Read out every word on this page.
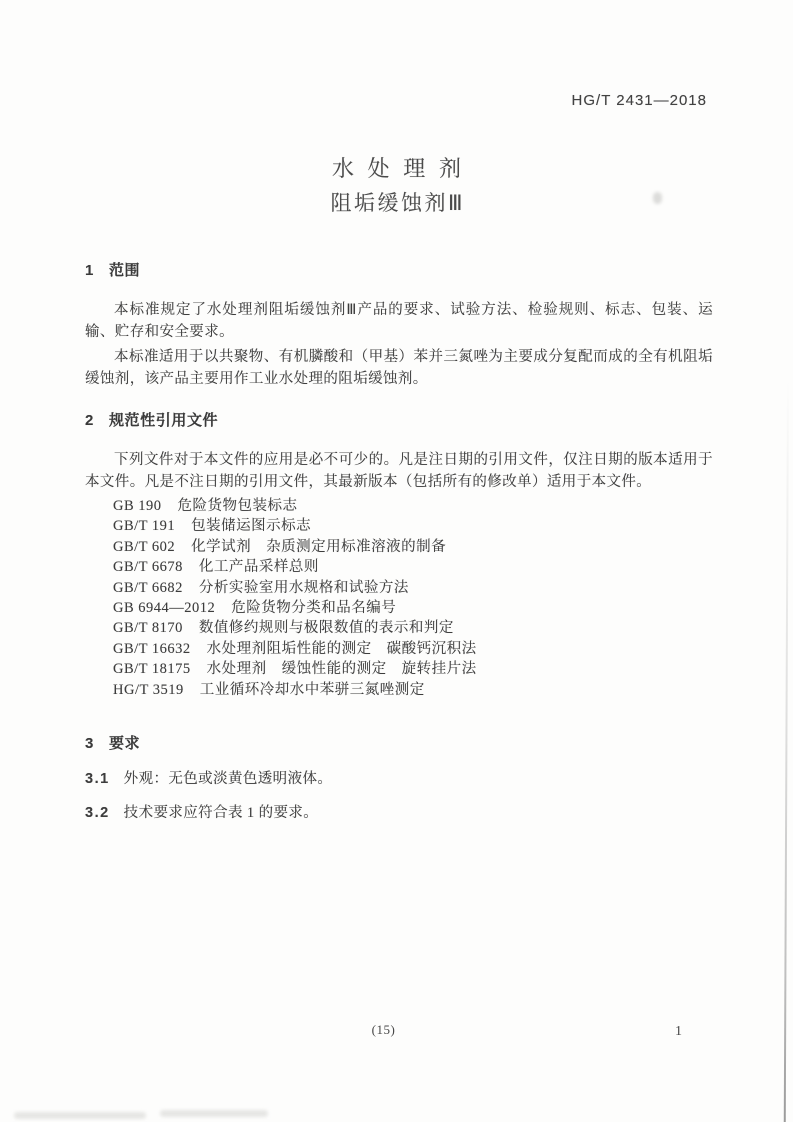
HG/T 2431—2018
水处理剂
阻垢缓蚀剂Ⅲ
1 范围
本标准规定了水处理剂阻垢缓蚀剂Ⅲ产品的要求、试验方法、检验规则、标志、包装、运输、贮存和安全要求。
本标准适用于以共聚物、有机膦酸和（甲基）苯并三氮唑为主要成分复配而成的全有机阻垢缓蚀剂，该产品主要用作工业水处理的阻垢缓蚀剂。
2 规范性引用文件
下列文件对于本文件的应用是必不可少的。凡是注日期的引用文件，仅注日期的版本适用于本文件。凡是不注日期的引用文件，其最新版本（包括所有的修改单）适用于本文件。
GB 190 危险货物包装标志
GB/T 191 包装储运图示标志
GB/T 602 化学试剂　杂质测定用标准溶液的制备
GB/T 6678 化工产品采样总则
GB/T 6682 分析实验室用水规格和试验方法
GB 6944—2012 危险货物分类和品名编号
GB/T 8170 数值修约规则与极限数值的表示和判定
GB/T 16632 水处理剂阻垢性能的测定　碳酸钙沉积法
GB/T 18175 水处理剂　缓蚀性能的测定　旋转挂片法
HG/T 3519 工业循环冷却水中苯骈三氮唑测定
3 要求
3.1 外观：无色或淡黄色透明液体。
3.2 技术要求应符合表 1 的要求。
(15)	1
